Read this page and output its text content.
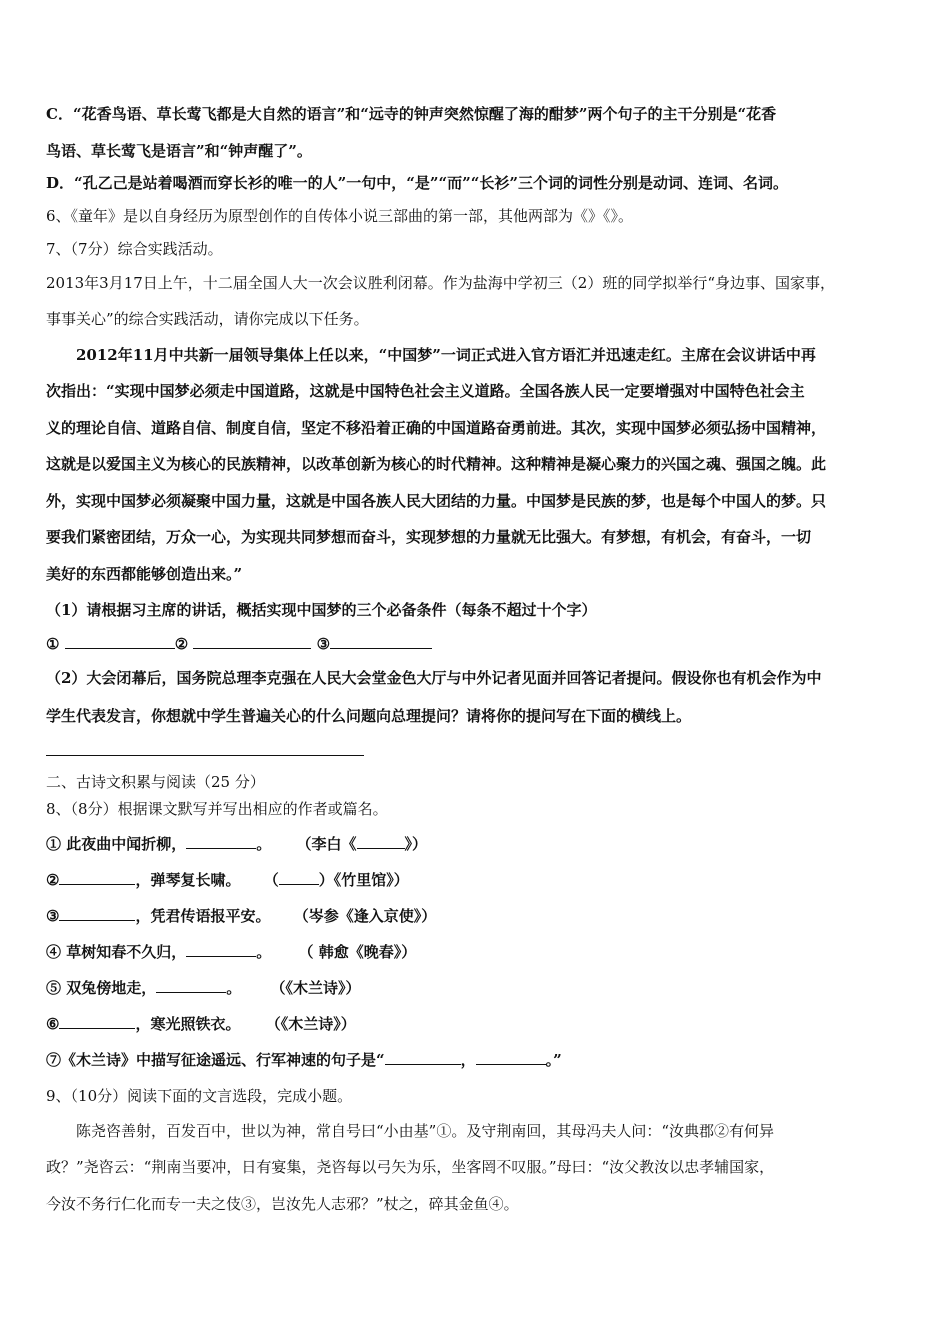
C．“花香鸟语、草长莺飞都是大自然的语言”和“远寺的钟声突然惊醒了海的酣梦”两个句子的主干分别是“花香
鸟语、草长莺飞是语言”和“钟声醒了”。
D．“孔乙己是站着喝酒而穿长衫的唯一的人”一句中，“是”“而”“长衫”三个词的词性分别是动词、连词、名词。
6、《童年》是以自身经历为原型创作的自传体小说三部曲的第一部，其他两部为《》《》。
7、（7分）综合实践活动。
2013年3月17日上午，十二届全国人大一次会议胜利闭幕。作为盐海中学初三（2）班的同学拟举行“身边事、国家事，
事事关心”的综合实践活动，请你完成以下任务。
2012年11月中共新一届领导集体上任以来，“中国梦”一词正式进入官方语汇并迅速走红。主席在会议讲话中再
次指出：“实现中国梦必须走中国道路，这就是中国特色社会主义道路。全国各族人民一定要增强对中国特色社会主
义的理论自信、道路自信、制度自信，坚定不移沿着正确的中国道路奋勇前进。其次，实现中国梦必须弘扬中国精神，
这就是以爱国主义为核心的民族精神，以改革创新为核心的时代精神。这种精神是凝心聚力的兴国之魂、强国之魄。此
外，实现中国梦必须凝聚中国力量，这就是中国各族人民大团结的力量。中国梦是民族的梦，也是每个中国人的梦。只
要我们紧密团结，万众一心，为实现共同梦想而奋斗，实现梦想的力量就无比强大。有梦想，有机会，有奋斗，一切
美好的东西都能够创造出来。”
（1）请根据习主席的讲话，概括实现中国梦的三个必备条件（每条不超过十个字）
①	②	③
（2）大会闭幕后，国务院总理李克强在人民大会堂金色大厅与中外记者见面并回答记者提问。假设你也有机会作为中
学生代表发言，你想就中学生普遍关心的什么问题向总理提问？请将你的提问写在下面的横线上。
二、古诗文积累与阅读（25 分）
8、（8分）根据课文默写并写出相应的作者或篇名。
① 此夜曲中闻折柳，	。 （李白《	》）
②	，弹琴复长啸。 （	）《竹里馆》）
③	，凭君传语报平安。 （岑参《逢入京使》）
④ 草树知春不久归，	。 （ 韩愈《晚春》）
⑤ 双兔傍地走，	。 （《木兰诗》）
⑥	，寒光照铁衣。 （《木兰诗》）
⑦《木兰诗》中描写征途遥远、行军神速的句子是“	，	。”
9、（10分）阅读下面的文言选段，完成小题。
陈尧咨善射，百发百中，世以为神，常自号曰“小由基”①。及守荆南回，其母冯夫人问：“汝典郡②有何异
政？”尧咨云：“荆南当要冲，日有宴集，尧咨每以弓矢为乐，坐客罔不叹服。”母曰：“汝父教汝以忠孝辅国家，
今汝不务行仁化而专一夫之伎③，岂汝先人志邪？”杖之，碎其金鱼④。
